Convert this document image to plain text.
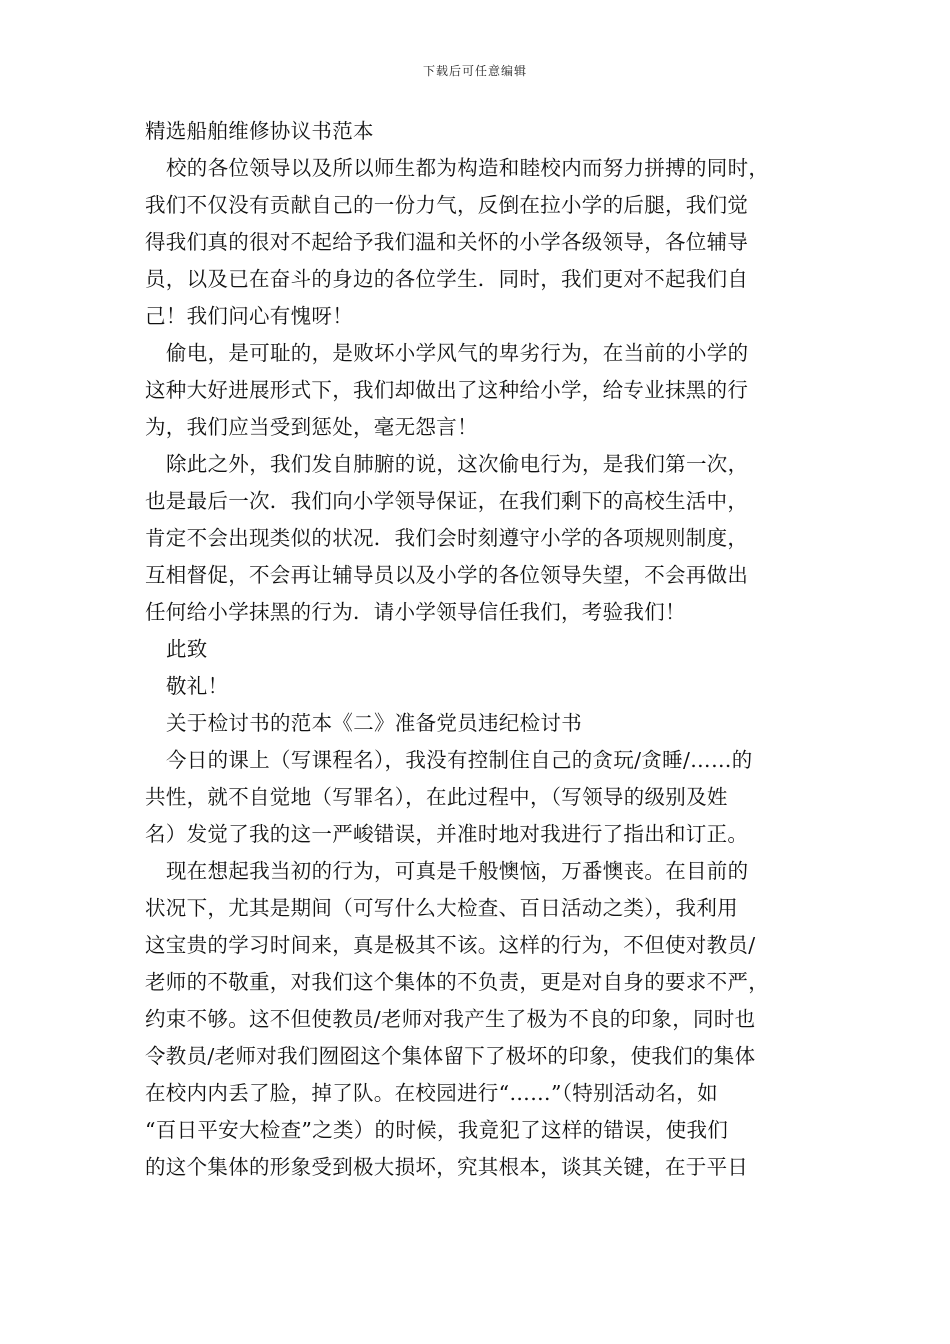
下载后可任意编辑
精选船舶维修协议书范本
校的各位领导以及所以师生都为构造和睦校内而努力拼搏的同时，
我们不仅没有贡献自己的一份力气，反倒在拉小学的后腿，我们觉
得我们真的很对不起给予我们温和关怀的小学各级领导，各位辅导
员，以及已在奋斗的身边的各位学生．同时，我们更对不起我们自
己！我们问心有愧呀！
偷电，是可耻的，是败坏小学风气的卑劣行为，在当前的小学的
这种大好进展形式下，我们却做出了这种给小学，给专业抹黑的行
为，我们应当受到惩处，毫无怨言！
除此之外，我们发自肺腑的说，这次偷电行为，是我们第一次，
也是最后一次．我们向小学领导保证，在我们剩下的高校生活中，
肯定不会出现类似的状况．我们会时刻遵守小学的各项规则制度，
互相督促，不会再让辅导员以及小学的各位领导失望，不会再做出
任何给小学抹黑的行为．请小学领导信任我们，考验我们！
此致
敬礼！
关于检讨书的范本《二》准备党员违纪检讨书
今日的课上（写课程名），我没有控制住自己的贪玩/贪睡/……的
共性，就不自觉地（写罪名），在此过程中，（写领导的级别及姓
名）发觉了我的这一严峻错误，并准时地对我进行了指出和订正。
现在想起我当初的行为，可真是千般懊恼，万番懊丧。在目前的
状况下，尤其是期间（可写什么大检查、百日活动之类），我利用
这宝贵的学习时间来，真是极其不该。这样的行为，不但使对教员/
老师的不敬重，对我们这个集体的不负责，更是对自身的要求不严，
约束不够。这不但使教员/老师对我产生了极为不良的印象，同时也
令教员/老师对我们囫囵这个集体留下了极坏的印象，使我们的集体
在校内内丢了脸，掉了队。在校园进行“……”（特别活动名，如
“百日平安大检查”之类）的时候，我竟犯了这样的错误，使我们
的这个集体的形象受到极大损坏，究其根本，谈其关键，在于平日
